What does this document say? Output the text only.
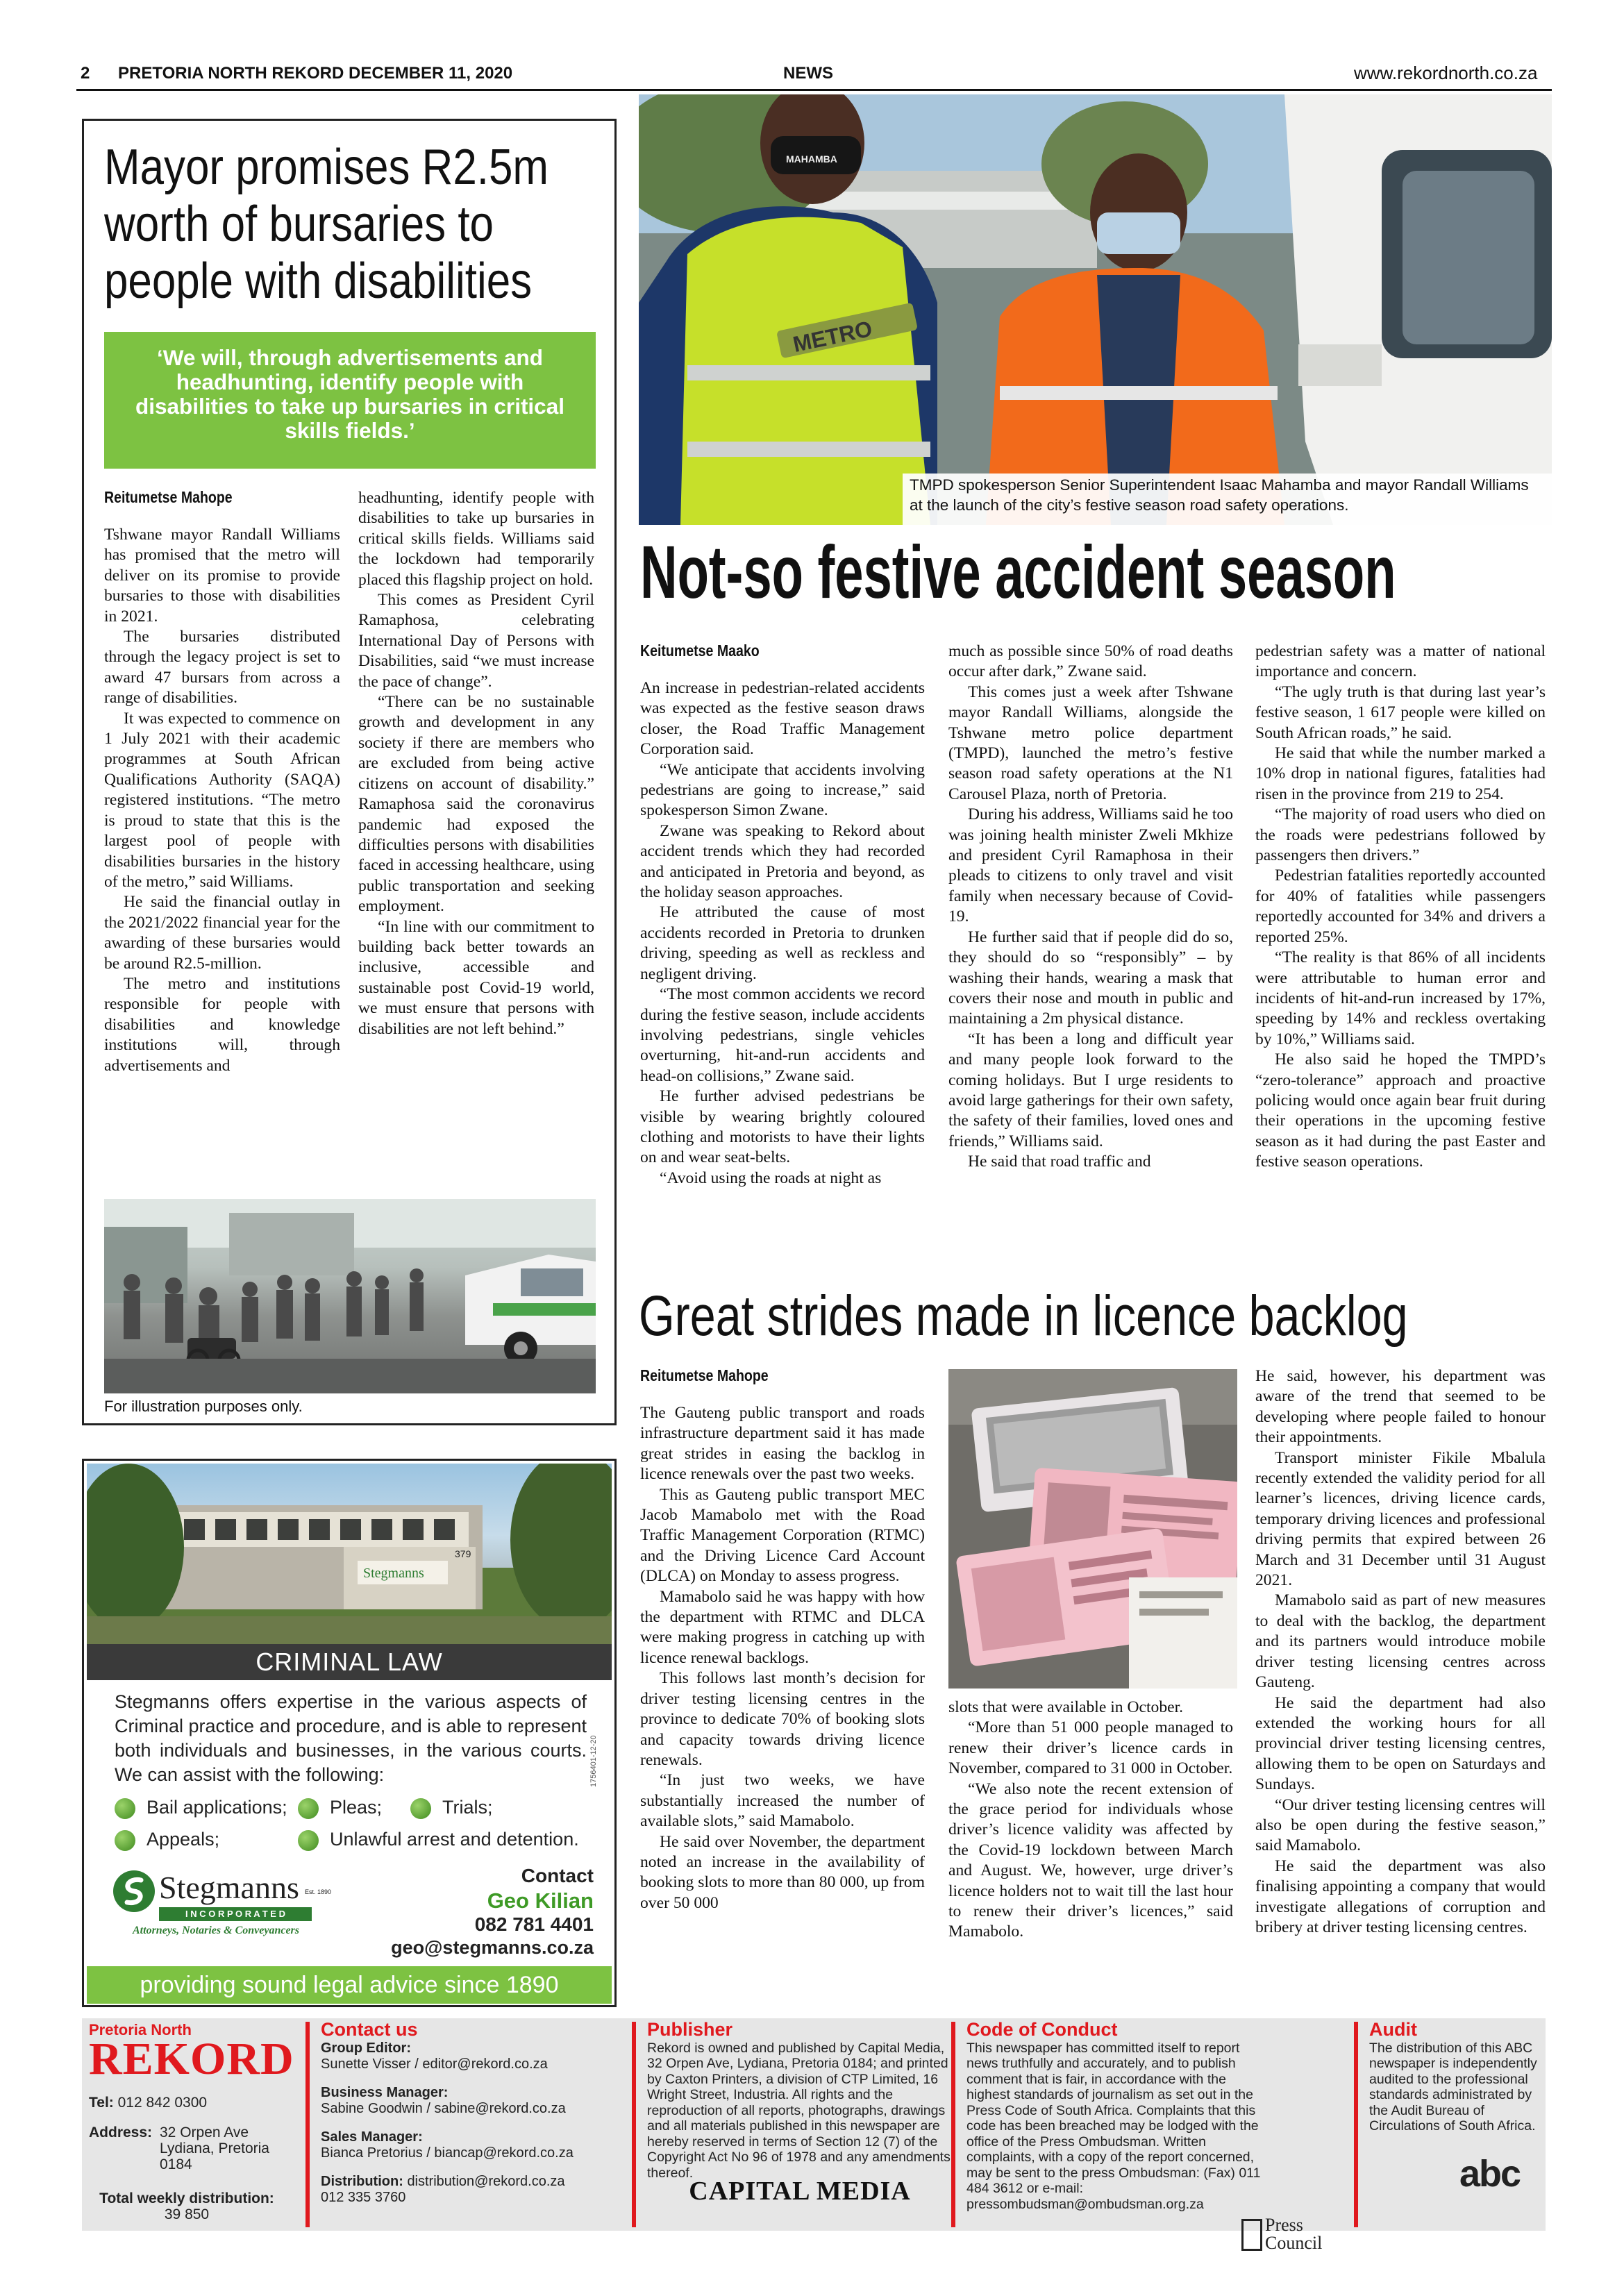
2 PRETORIA NORTH REKORD DECEMBER 11, 2020	NEWS	www.rekordnorth.co.za
Mayor promises R2.5m
worth of bursaries to
people with disabilities
‘We will, through advertisements and headhunting, identify people with disabilities to take up bursaries in critical skills fields.’
Reitumetse Mahope

Tshwane mayor Randall Williams has promised that the metro will deliver on its promise to provide bursaries to those with disabilities in 2021.

The bursaries distributed through the legacy project is set to award 47 bursars from across a range of disabilities.

It was expected to commence on 1 July 2021 with their academic programmes at South African Qualifications Authority (SAQA) registered institutions. “The metro is proud to state that this is the largest pool of people with disabilities bursaries in the history of the metro,” said Williams.

He said the financial outlay in the 2021/2022 financial year for the awarding of these bursaries would be around R2.5-million.

The metro and institutions responsible for people with disabilities and knowledge institutions will, through advertisements and

headhunting, identify people with disabilities to take up bursaries in critical skills fields. Williams said the lockdown had temporarily placed this flagship project on hold.

This comes as President Cyril Ramaphosa, celebrating International Day of Persons with Disabilities, said “we must increase the pace of change”.

“There can be no sustainable growth and development in any society if there are members who are excluded from being active citizens on account of disability.” Ramaphosa said the coronavirus pandemic had exposed the difficulties persons with disabilities faced in accessing healthcare, using public transportation and seeking employment.

“In line with our commitment to building back better towards an inclusive, accessible and sustainable post Covid-19 world, we must ensure that persons with disabilities are not left behind.”

For illustration purposes only.
Stegmanns
379
CRIMINAL LAW
Stegmanns offers expertise in the various aspects of Criminal practice and procedure, and is able to represent both individuals and businesses, in the various courts. We can assist with the following:
Bail applications;	Pleas;	Trials;
Appeals;	Unlawful arrest and detention.
1756401-12-20
Stegmanns Est. 1890
I N C O R P O R A T E D
Attorneys, Notaries & Conveyancers
Contact
Geo Kilian
082 781 4401
geo@stegmanns.co.za
providing sound legal advice since 1890
MAHAMBA
METRO
TMPD spokesperson Senior Superintendent Isaac Mahamba and mayor Randall Williams at the launch of the city’s festive season road safety operations.
Not-so festive accident season
Keitumetse Maako

An increase in pedestrian-related accidents was expected as the festive season draws closer, the Road Traffic Management Corporation said.

“We anticipate that accidents involving pedestrians are going to increase,” said spokesperson Simon Zwane.

Zwane was speaking to Rekord about accident trends which they had recorded and anticipated in Pretoria and beyond, as the holiday season approaches.

He attributed the cause of most accidents recorded in Pretoria to drunken driving, speeding as well as reckless and negligent driving.

“The most common accidents we record during the festive season, include accidents involving pedestrians, single vehicles overturning, hit-and-run accidents and head-on collisions,” Zwane said.

He further advised pedestrians be visible by wearing brightly coloured clothing and motorists to have their lights on and wear seat-belts.

“Avoid using the roads at night as

much as possible since 50% of road deaths occur after dark,” Zwane said.

This comes just a week after Tshwane mayor Randall Williams, alongside the Tshwane metro police department (TMPD), launched the metro’s festive season road safety operations at the N1 Carousel Plaza, north of Pretoria.

During his address, Williams said he too was joining health minister Zweli Mkhize and president Cyril Ramaphosa in their pleads to citizens to only travel and visit family when necessary because of Covid-19.

He further said that if people did do so, they should do so “responsibly” – by washing their hands, wearing a mask that covers their nose and mouth in public and maintaining a 2m physical distance.

“It has been a long and difficult year and many people look forward to the coming holidays. But I urge residents to avoid large gatherings for their own safety, the safety of their families, loved ones and friends,” Williams said.

He said that road traffic and

pedestrian safety was a matter of national importance and concern.

“The ugly truth is that during last year’s festive season, 1 617 people were killed on South African roads,” he said.

He said that while the number marked a 10% drop in national figures, fatalities had risen in the province from 219 to 254.

“The majority of road users who died on the roads were pedestrians followed by passengers then drivers.”

Pedestrian fatalities reportedly accounted for 40% of fatalities while passengers reportedly accounted for 34% and drivers a reported 25%.

“The reality is that 86% of all incidents were attributable to human error and incidents of hit-and-run increased by 17%, speeding by 14% and reckless overtaking by 10%,” Williams said.

He also said he hoped the TMPD’s “zero-tolerance” approach and proactive policing would once again bear fruit during their operations in the upcoming festive season as it had during the past Easter and festive season operations.

Great strides made in licence backlog
Reitumetse Mahope

The Gauteng public transport and roads infrastructure department said it has made great strides in easing the backlog in licence renewals over the past two weeks.

This as Gauteng public transport MEC Jacob Mamabolo met with the Road Traffic Management Corporation (RTMC) and the Driving Licence Card Account (DLCA) on Monday to assess progress.

Mamabolo said he was happy with how the department with RTMC and DLCA were making progress in catching up with licence renewal backlogs.

This follows last month’s decision for driver testing licensing centres in the province to dedicate 70% of booking slots and capacity towards driving licence renewals.

“In just two weeks, we have substantially increased the number of available slots,” said Mamabolo.

He said over November, the department noted an increase in the availability of booking slots to more than 80 000, up from over 50 000

slots that were available in October.

“More than 51 000 people managed to renew their driver’s licence cards in November, compared to 31 000 in October.

“We also note the recent extension of the grace period for individuals whose driver’s licence validity was affected by the Covid-19 lockdown between March and August. We, however, urge driver’s licence holders not to wait till the last hour to renew their driver’s licences,” said Mamabolo.

He said, however, his department was aware of the trend that seemed to be developing where people failed to honour their appointments.

Transport minister Fikile Mbalula recently extended the validity period for all learner’s licences, driving licence cards, temporary driving licences and professional driving permits that expired between 26 March and 31 December until 31 August 2021.

Mamabolo said as part of new measures to deal with the backlog, the department and its partners would introduce mobile driver testing licensing centres across Gauteng.

He said the department had also extended the working hours for all provincial driver testing licensing centres, allowing them to be open on Saturdays and Sundays.

“Our driver testing licensing centres will also be open during the festive season,” said Mamabolo.

He said the department was also finalising appointing a company that would investigate allegations of corruption and bribery at driver testing licensing centres.

Pretoria North
REKORD
Tel: 012 842 0300
Address: 32 Orpen Ave
Lydiana, Pretoria
0184
Total weekly distribution:
39 850
Contact us
Group Editor:
Sunette Visser / editor@rekord.co.za
Business Manager:
Sabine Goodwin / sabine@rekord.co.za
Sales Manager:
Bianca Pretorius / biancap@rekord.co.za
Distribution: distribution@rekord.co.za
012 335 3760
Publisher
Rekord is owned and published by Capital Media, 32 Orpen Ave, Lydiana, Pretoria 0184; and printed by Caxton Printers, a division of CTP Limited, 16 Wright Street, Industria. All rights and the reproduction of all reports, photographs, drawings and all materials published in this newspaper are hereby reserved in terms of Section 12 (7) of the Copyright Act No 96 of 1978 and any amendments thereof.
CAPITAL MEDIA
Code of Conduct
This newspaper has committed itself to report news truthfully and accurately, and to publish comment that is fair, in accordance with the highest standards of journalism as set out in the Press Code of South Africa. Complaints that this code has been breached may be lodged with the office of the Press Ombudsman. Written complaints, with a copy of the report concerned, may be sent to the press Ombudsman: (Fax) 011 484 3612 or e-mail: pressombudsman@ombudsman.org.za
Press
Council
Audit
The distribution of this ABC newspaper is independently audited to the professional standards administrated by the Audit Bureau of Circulations of South Africa.
abc
